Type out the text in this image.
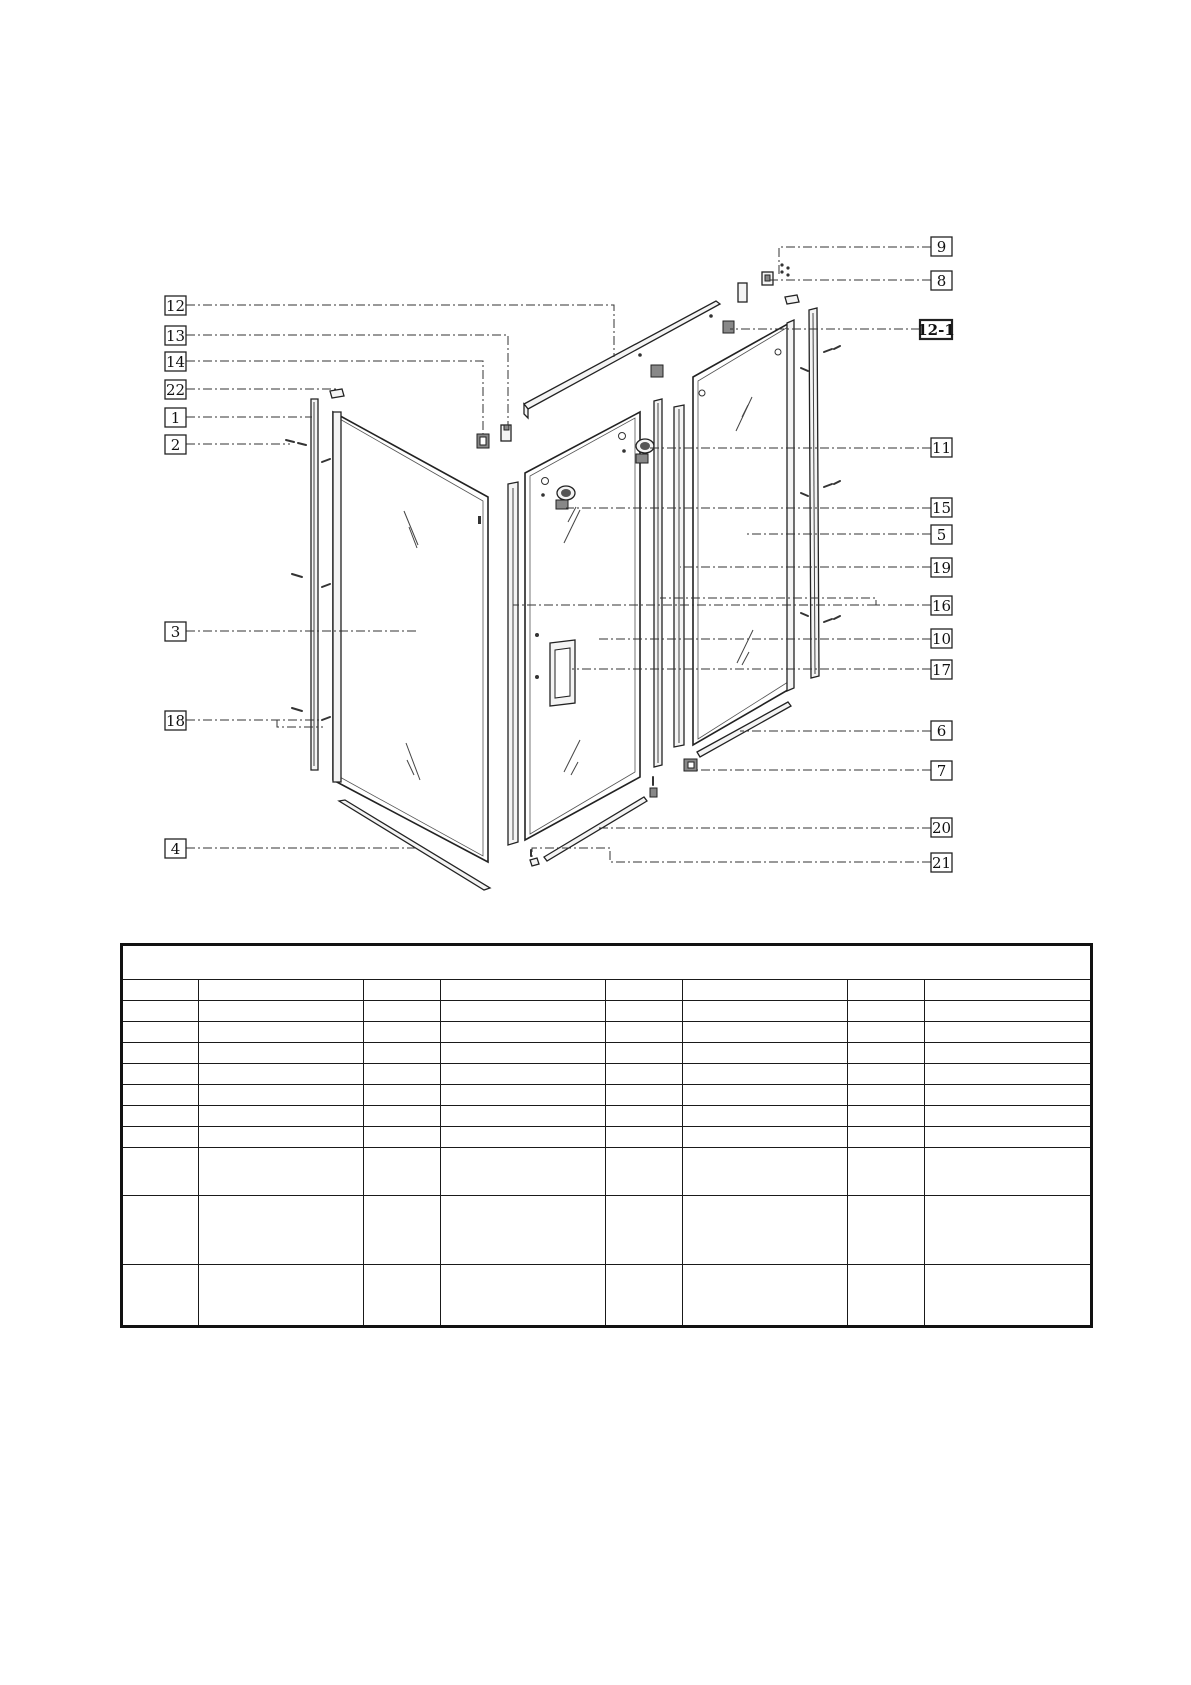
12
13
14
22
1
2
3
18
4
9
8
12-1
11
15
5
19
16
10
17
6
7
20
21
